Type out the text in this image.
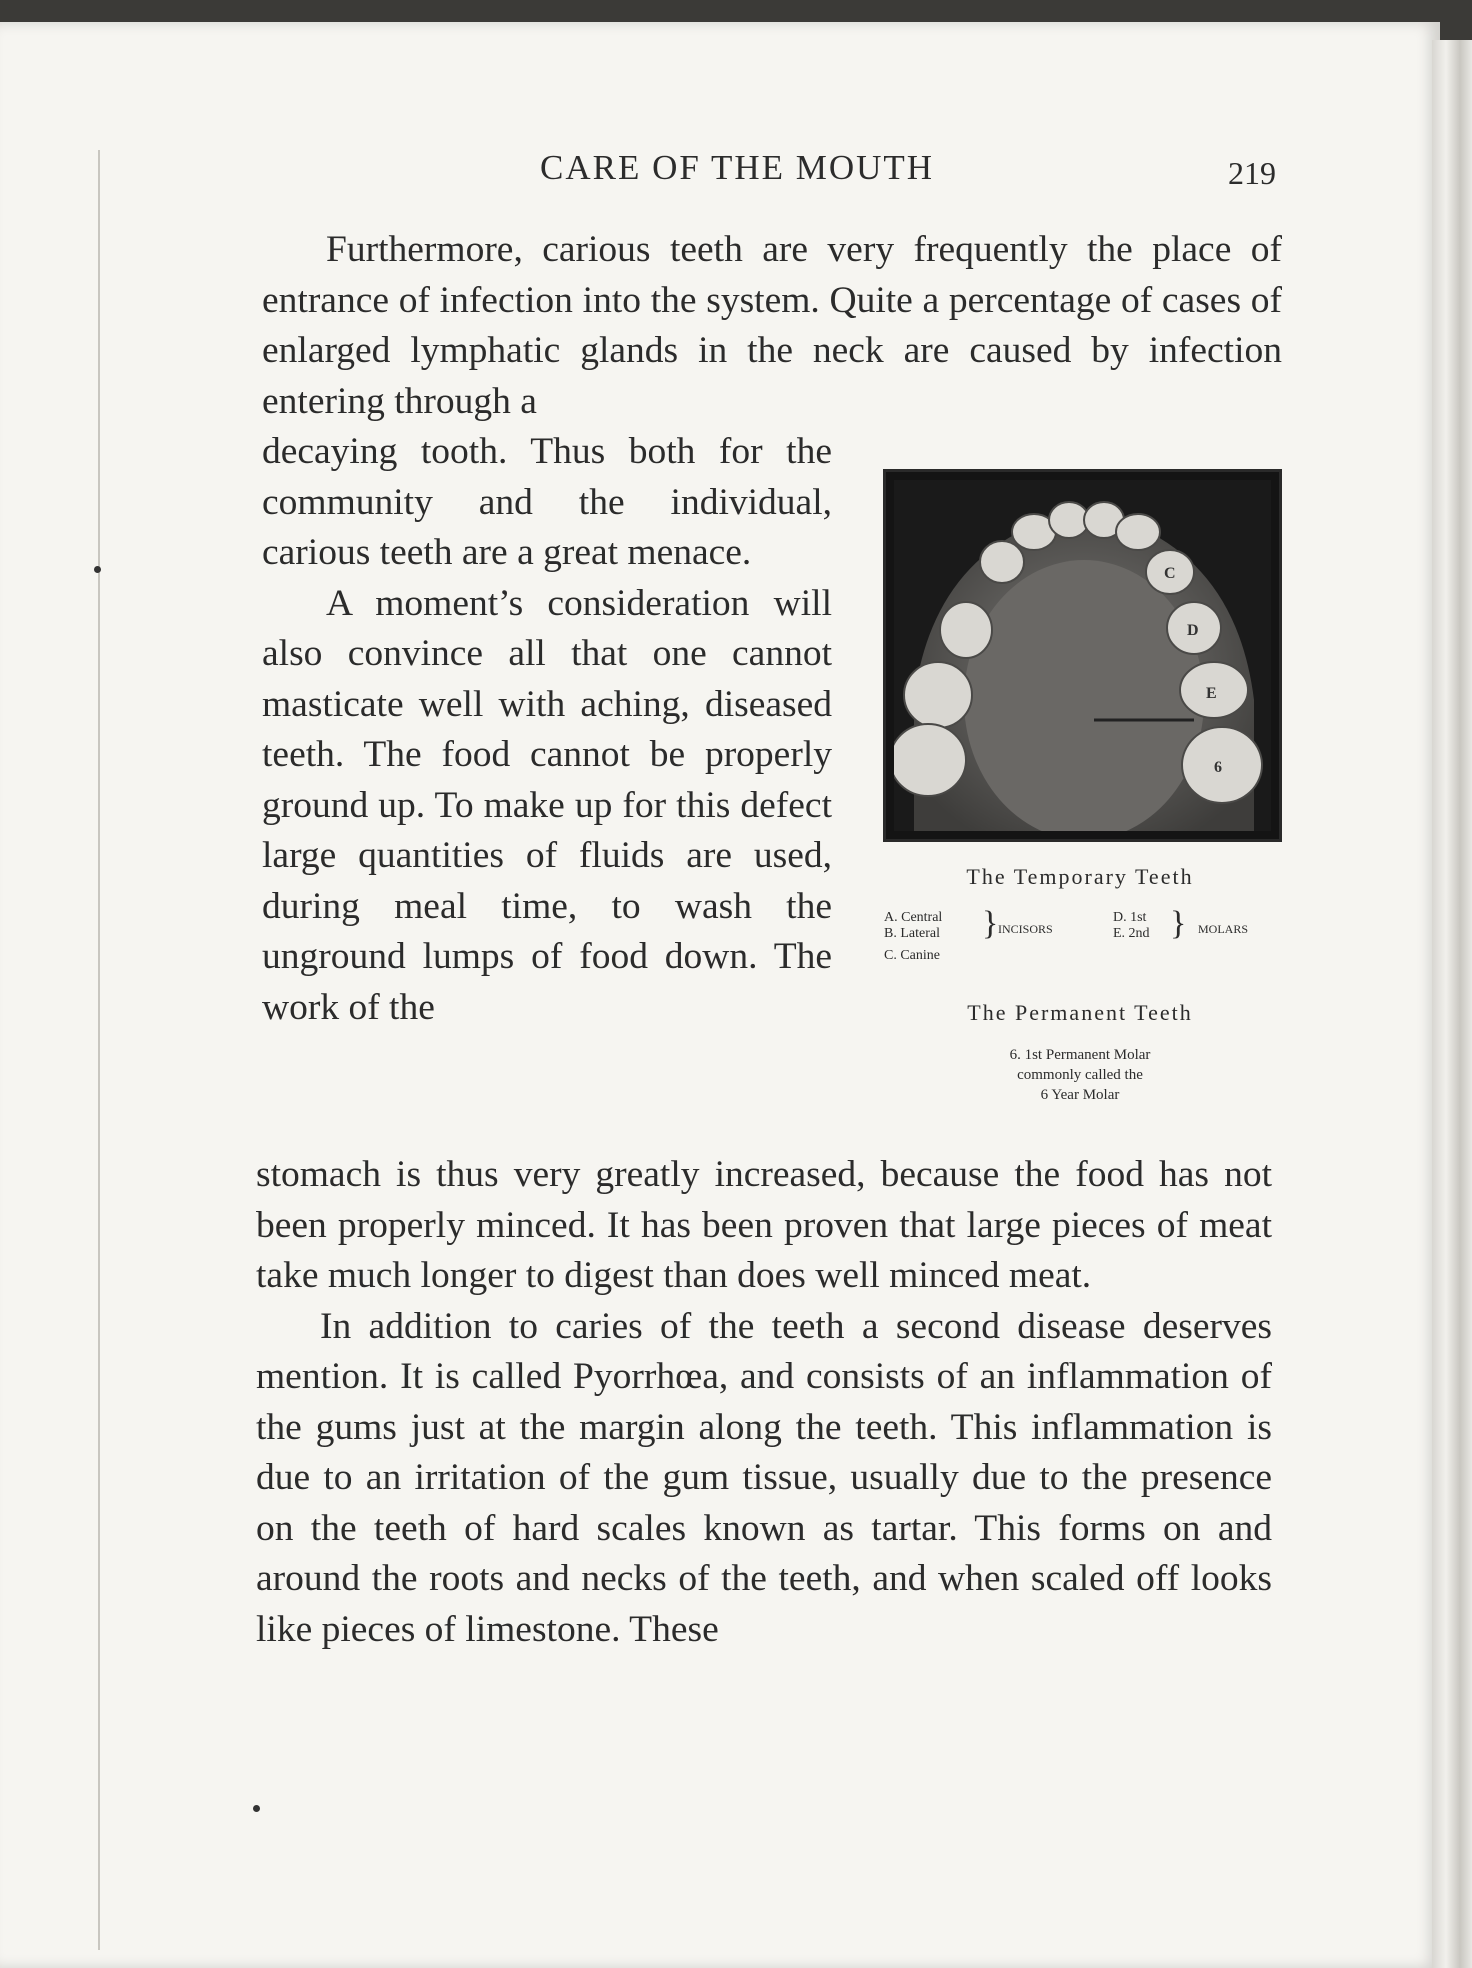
CARE OF THE MOUTH	219

Furthermore, carious teeth are very frequently the place of entrance of infection into the system. Quite a percentage of cases of enlarged lymphatic glands in the neck are caused by infection entering through a

decaying tooth. Thus both for the community and the individual, carious teeth are a great menace.

A moment’s consideration will also convince all that one cannot masticate well with aching, diseased teeth. The food cannot be properly ground up. To make up for this defect large quantities of fluids are used, during meal time, to wash the unground lumps of food down. The work of the

stomach is thus very greatly increased, because the food has not been properly minced. It has been proven that large pieces of meat take much longer to digest than does well minced meat.

In addition to caries of the teeth a second disease deserves mention. It is called Pyorrhœa, and consists of an inflammation of the gums just at the margin along the teeth. This inflammation is due to an irritation of the gum tissue, usually due to the presence on the teeth of hard scales known as tartar. This forms on and around the roots and necks of the teeth, and when scaled off looks like pieces of limestone. These

C
D
E
6
The Temporary Teeth
A. Central
B. Lateral
C. Canine
} INCISORS
D. 1st
E. 2nd } MOLARS
The Permanent Teeth
6. 1st Permanent Molar
commonly called the
6 Year Molar
